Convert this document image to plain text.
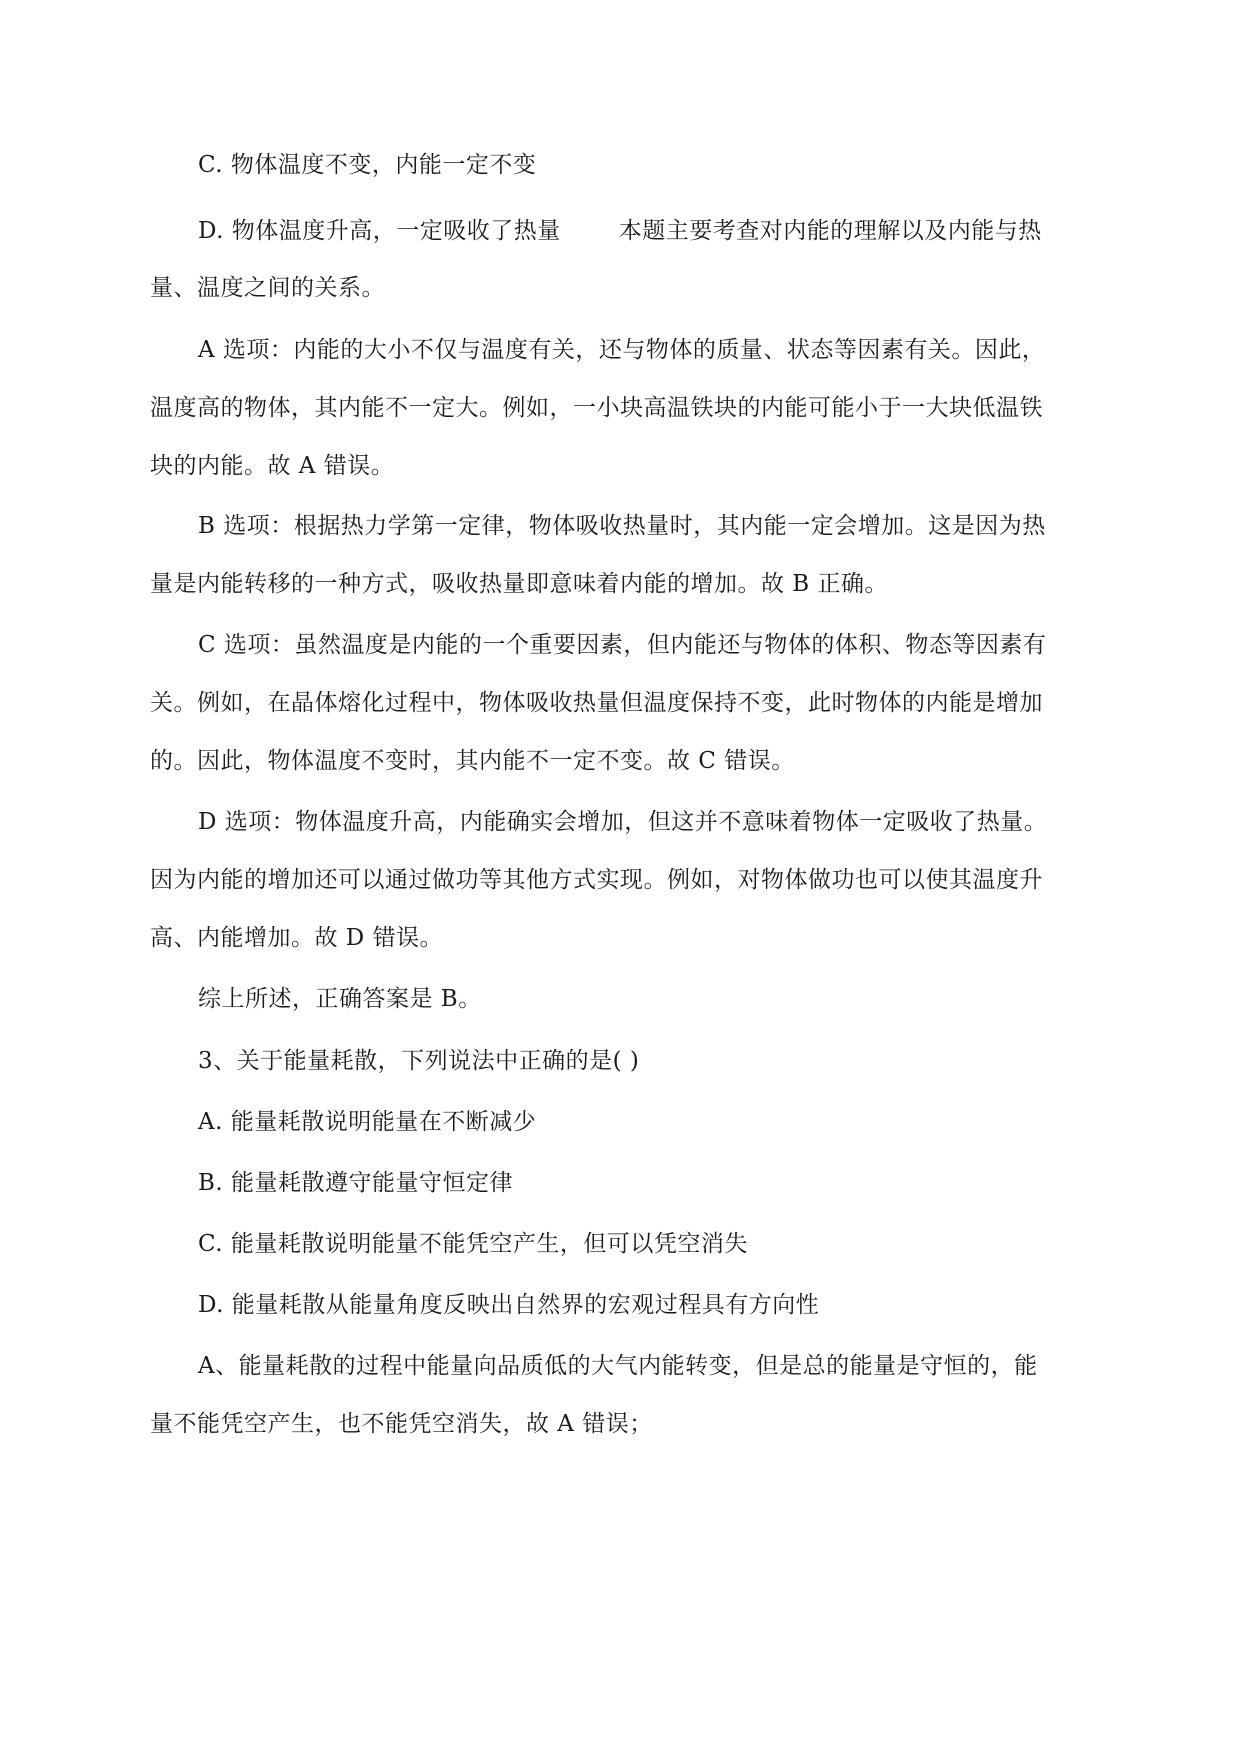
C. 物体温度不变，内能一定不变
D. 物体温度升高，一定吸收了热量	本题主要考查对内能的理解以及内能与热
量、温度之间的关系。
A 选项：内能的大小不仅与温度有关，还与物体的质量、状态等因素有关。因此，
温度高的物体，其内能不一定大。例如，一小块高温铁块的内能可能小于一大块低温铁
块的内能。故 A 错误。
B 选项：根据热力学第一定律，物体吸收热量时，其内能一定会增加。这是因为热
量是内能转移的一种方式，吸收热量即意味着内能的增加。故 B 正确。
C 选项：虽然温度是内能的一个重要因素，但内能还与物体的体积、物态等因素有
关。例如，在晶体熔化过程中，物体吸收热量但温度保持不变，此时物体的内能是增加
的。因此，物体温度不变时，其内能不一定不变。故 C 错误。
D 选项：物体温度升高，内能确实会增加，但这并不意味着物体一定吸收了热量。
因为内能的增加还可以通过做功等其他方式实现。例如，对物体做功也可以使其温度升
高、内能增加。故 D 错误。
综上所述，正确答案是 B。
3、关于能量耗散，下列说法中正确的是( )
A. 能量耗散说明能量在不断减少
B. 能量耗散遵守能量守恒定律
C. 能量耗散说明能量不能凭空产生，但可以凭空消失
D. 能量耗散从能量角度反映出自然界的宏观过程具有方向性
A、能量耗散的过程中能量向品质低的大气内能转变，但是总的能量是守恒的，能
量不能凭空产生，也不能凭空消失，故 A 错误；
